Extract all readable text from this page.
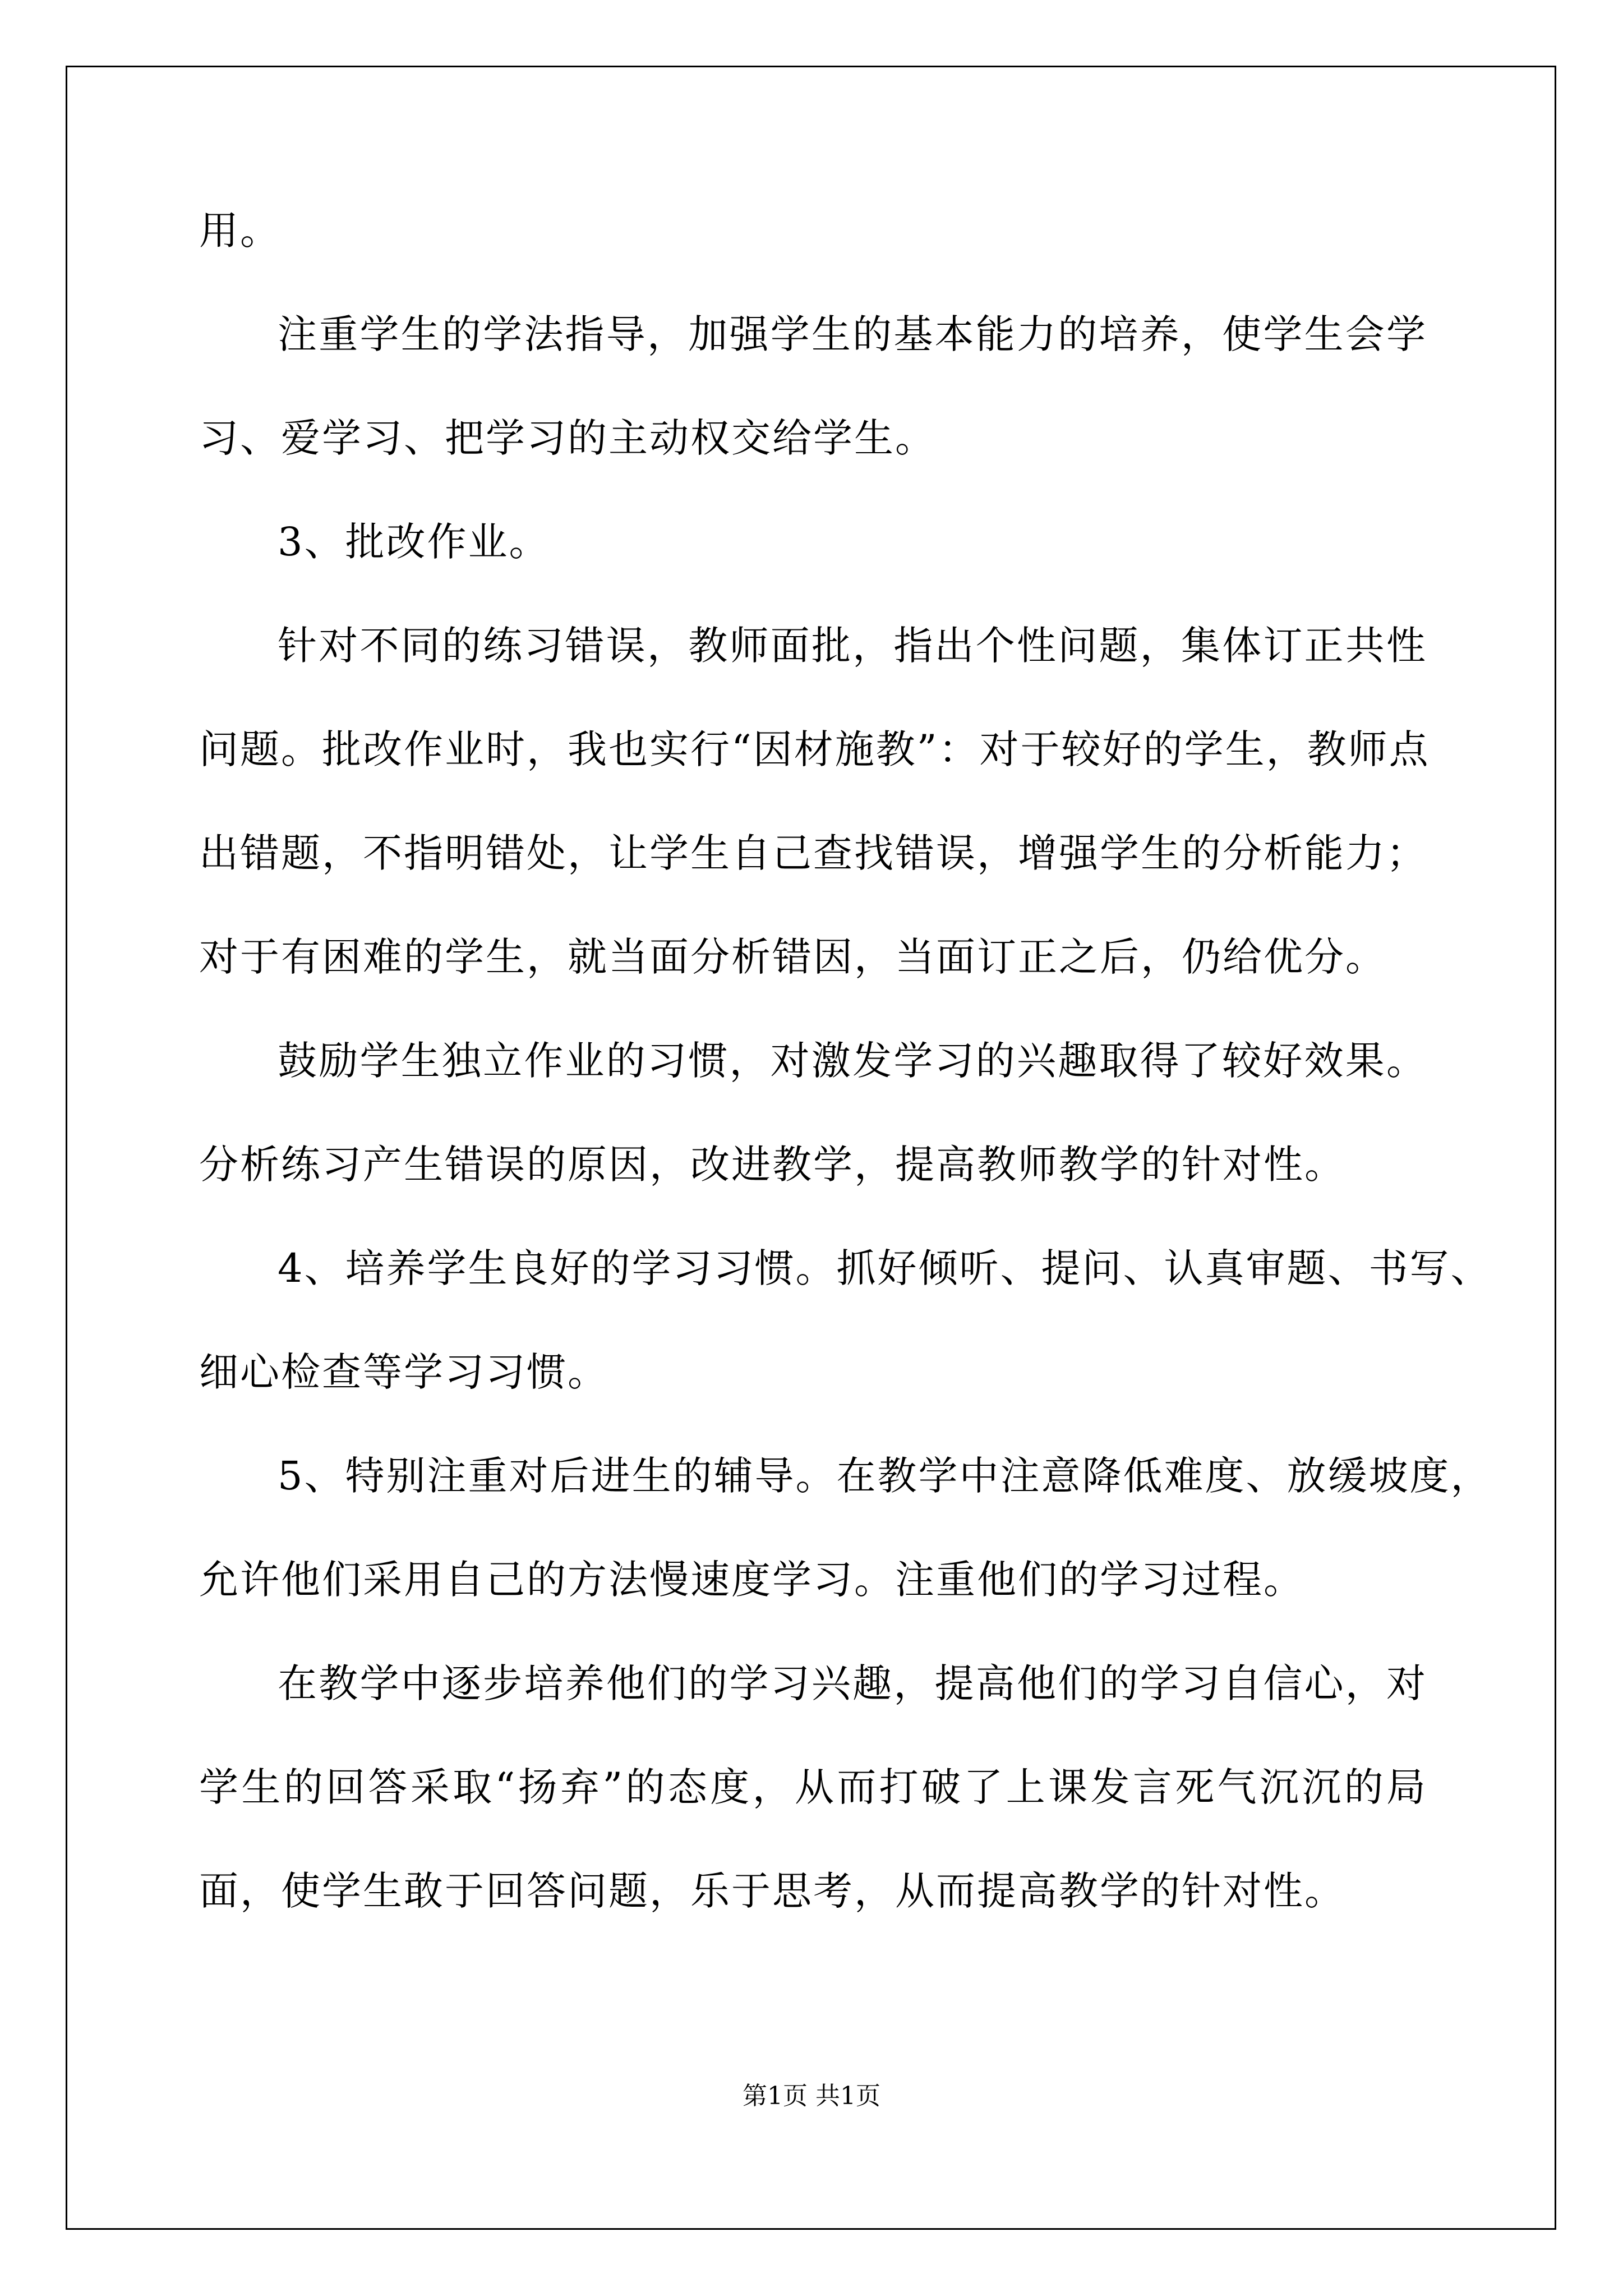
用。
注重学生的学法指导，加强学生的基本能力的培养，使学生会学
习、爱学习、把学习的主动权交给学生。
3、批改作业。
针对不同的练习错误，教师面批，指出个性问题，集体订正共性
问题。批改作业时，我也实行“因材施教”：对于较好的学生，教师点
出错题，不指明错处，让学生自己查找错误，增强学生的分析能力；
对于有困难的学生，就当面分析错因，当面订正之后，仍给优分。
鼓励学生独立作业的习惯，对激发学习的兴趣取得了较好效果。
分析练习产生错误的原因，改进教学，提高教师教学的针对性。
4、培养学生良好的学习习惯。抓好倾听、提问、认真审题、书写、
细心检查等学习习惯。
5、特别注重对后进生的辅导。在教学中注意降低难度、放缓坡度，
允许他们采用自己的方法慢速度学习。注重他们的学习过程。
在教学中逐步培养他们的学习兴趣，提高他们的学习自信心，对
学生的回答采取“扬弃”的态度，从而打破了上课发言死气沉沉的局
面，使学生敢于回答问题，乐于思考，从而提高教学的针对性。
第1页 共1页
